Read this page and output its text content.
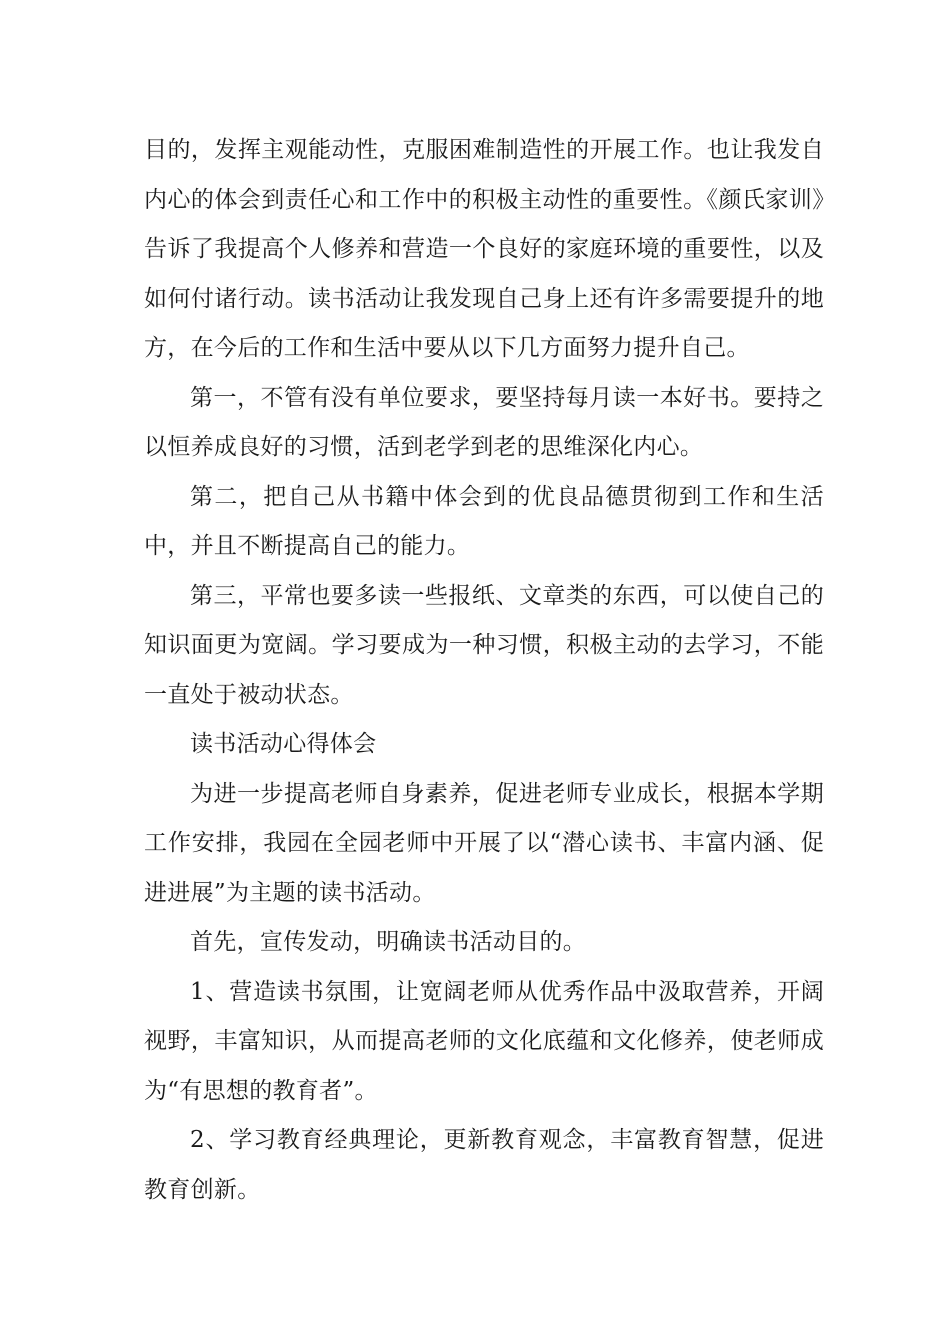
目的，发挥主观能动性，克服困难制造性的开展工作。也让我发自内心的体会到责任心和工作中的积极主动性的重要性。《颜氏家训》告诉了我提高个人修养和营造一个良好的家庭环境的重要性，以及如何付诸行动。读书活动让我发现自己身上还有许多需要提升的地方，在今后的工作和生活中要从以下几方面努力提升自己。

第一，不管有没有单位要求，要坚持每月读一本好书。要持之以恒养成良好的习惯，活到老学到老的思维深化内心。

第二，把自己从书籍中体会到的优良品德贯彻到工作和生活中，并且不断提高自己的能力。

第三，平常也要多读一些报纸、文章类的东西，可以使自己的知识面更为宽阔。学习要成为一种习惯，积极主动的去学习，不能一直处于被动状态。

读书活动心得体会

为进一步提高老师自身素养，促进老师专业成长，根据本学期工作安排，我园在全园老师中开展了以“潜心读书、丰富内涵、促进进展”为主题的读书活动。

首先，宣传发动，明确读书活动目的。

1、营造读书氛围，让宽阔老师从优秀作品中汲取营养，开阔视野，丰富知识，从而提高老师的文化底蕴和文化修养，使老师成为“有思想的教育者”。

2、学习教育经典理论，更新教育观念，丰富教育智慧，促进教育创新。
